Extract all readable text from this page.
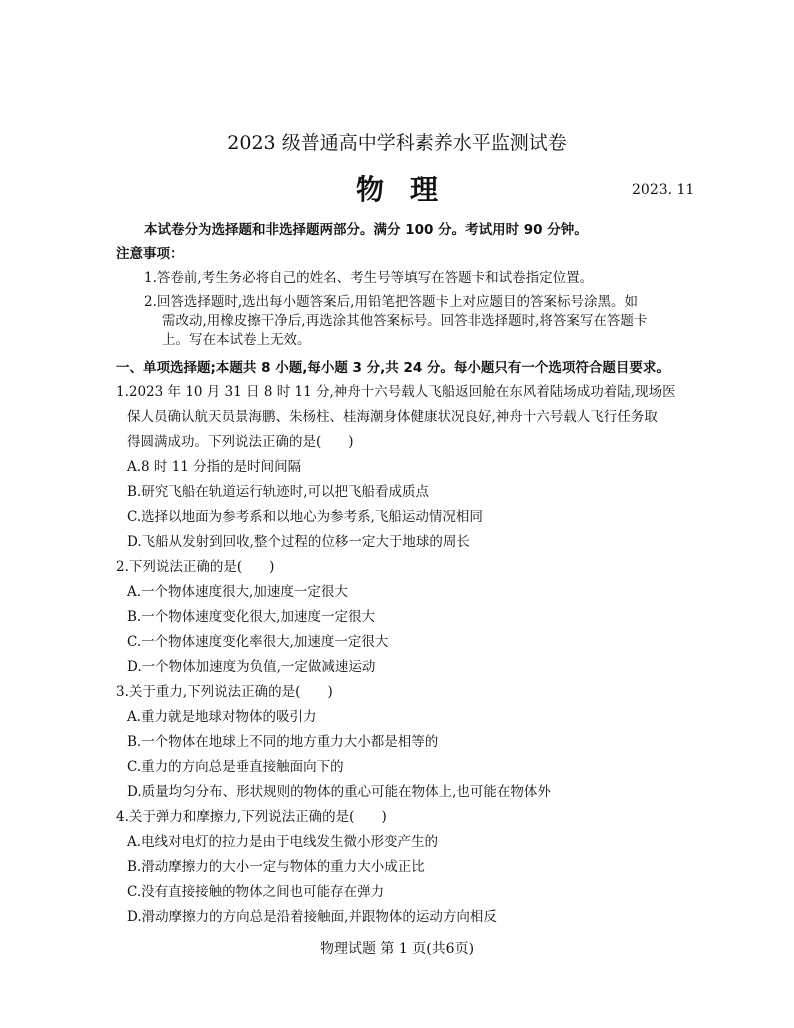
2023 级普通高中学科素养水平监测试卷
物理	2023. 11
本试卷分为选择题和非选择题两部分。满分 100 分。考试用时 90 分钟。
注意事项：
1.答卷前,考生务必将自己的姓名、考生号等填写在答题卡和试卷指定位置。
2.回答选择题时,选出每小题答案后,用铅笔把答题卡上对应题目的答案标号涂黑。如
需改动,用橡皮擦干净后,再选涂其他答案标号。回答非选择题时,将答案写在答题卡
上。写在本试卷上无效。
一、单项选择题;本题共 8 小题,每小题 3 分,共 24 分。每小题只有一个选项符合题目要求。
1.2023 年 10 月 31 日 8 时 11 分,神舟十六号载人飞船返回舱在东风着陆场成功着陆,现场医
保人员确认航天员景海鹏、朱杨柱、桂海潮身体健康状况良好,神舟十六号载人飞行任务取
得圆满成功。下列说法正确的是(　　)
A.8 时 11 分指的是时间间隔
B.研究飞船在轨道运行轨迹时,可以把飞船看成质点
C.选择以地面为参考系和以地心为参考系,飞船运动情况相同
D.飞船从发射到回收,整个过程的位移一定大于地球的周长
2.下列说法正确的是(　　)
A.一个物体速度很大,加速度一定很大
B.一个物体速度变化很大,加速度一定很大
C.一个物体速度变化率很大,加速度一定很大
D.一个物体加速度为负值,一定做减速运动
3.关于重力,下列说法正确的是(　　)
A.重力就是地球对物体的吸引力
B.一个物体在地球上不同的地方重力大小都是相等的
C.重力的方向总是垂直接触面向下的
D.质量均匀分布、形状规则的物体的重心可能在物体上,也可能在物体外
4.关于弹力和摩擦力,下列说法正确的是(　　)
A.电线对电灯的拉力是由于电线发生微小形变产生的
B.滑动摩擦力的大小一定与物体的重力大小成正比
C.没有直接接触的物体之间也可能存在弹力
D.滑动摩擦力的方向总是沿着接触面,并跟物体的运动方向相反
物理试题 第 1 页(共6页)
